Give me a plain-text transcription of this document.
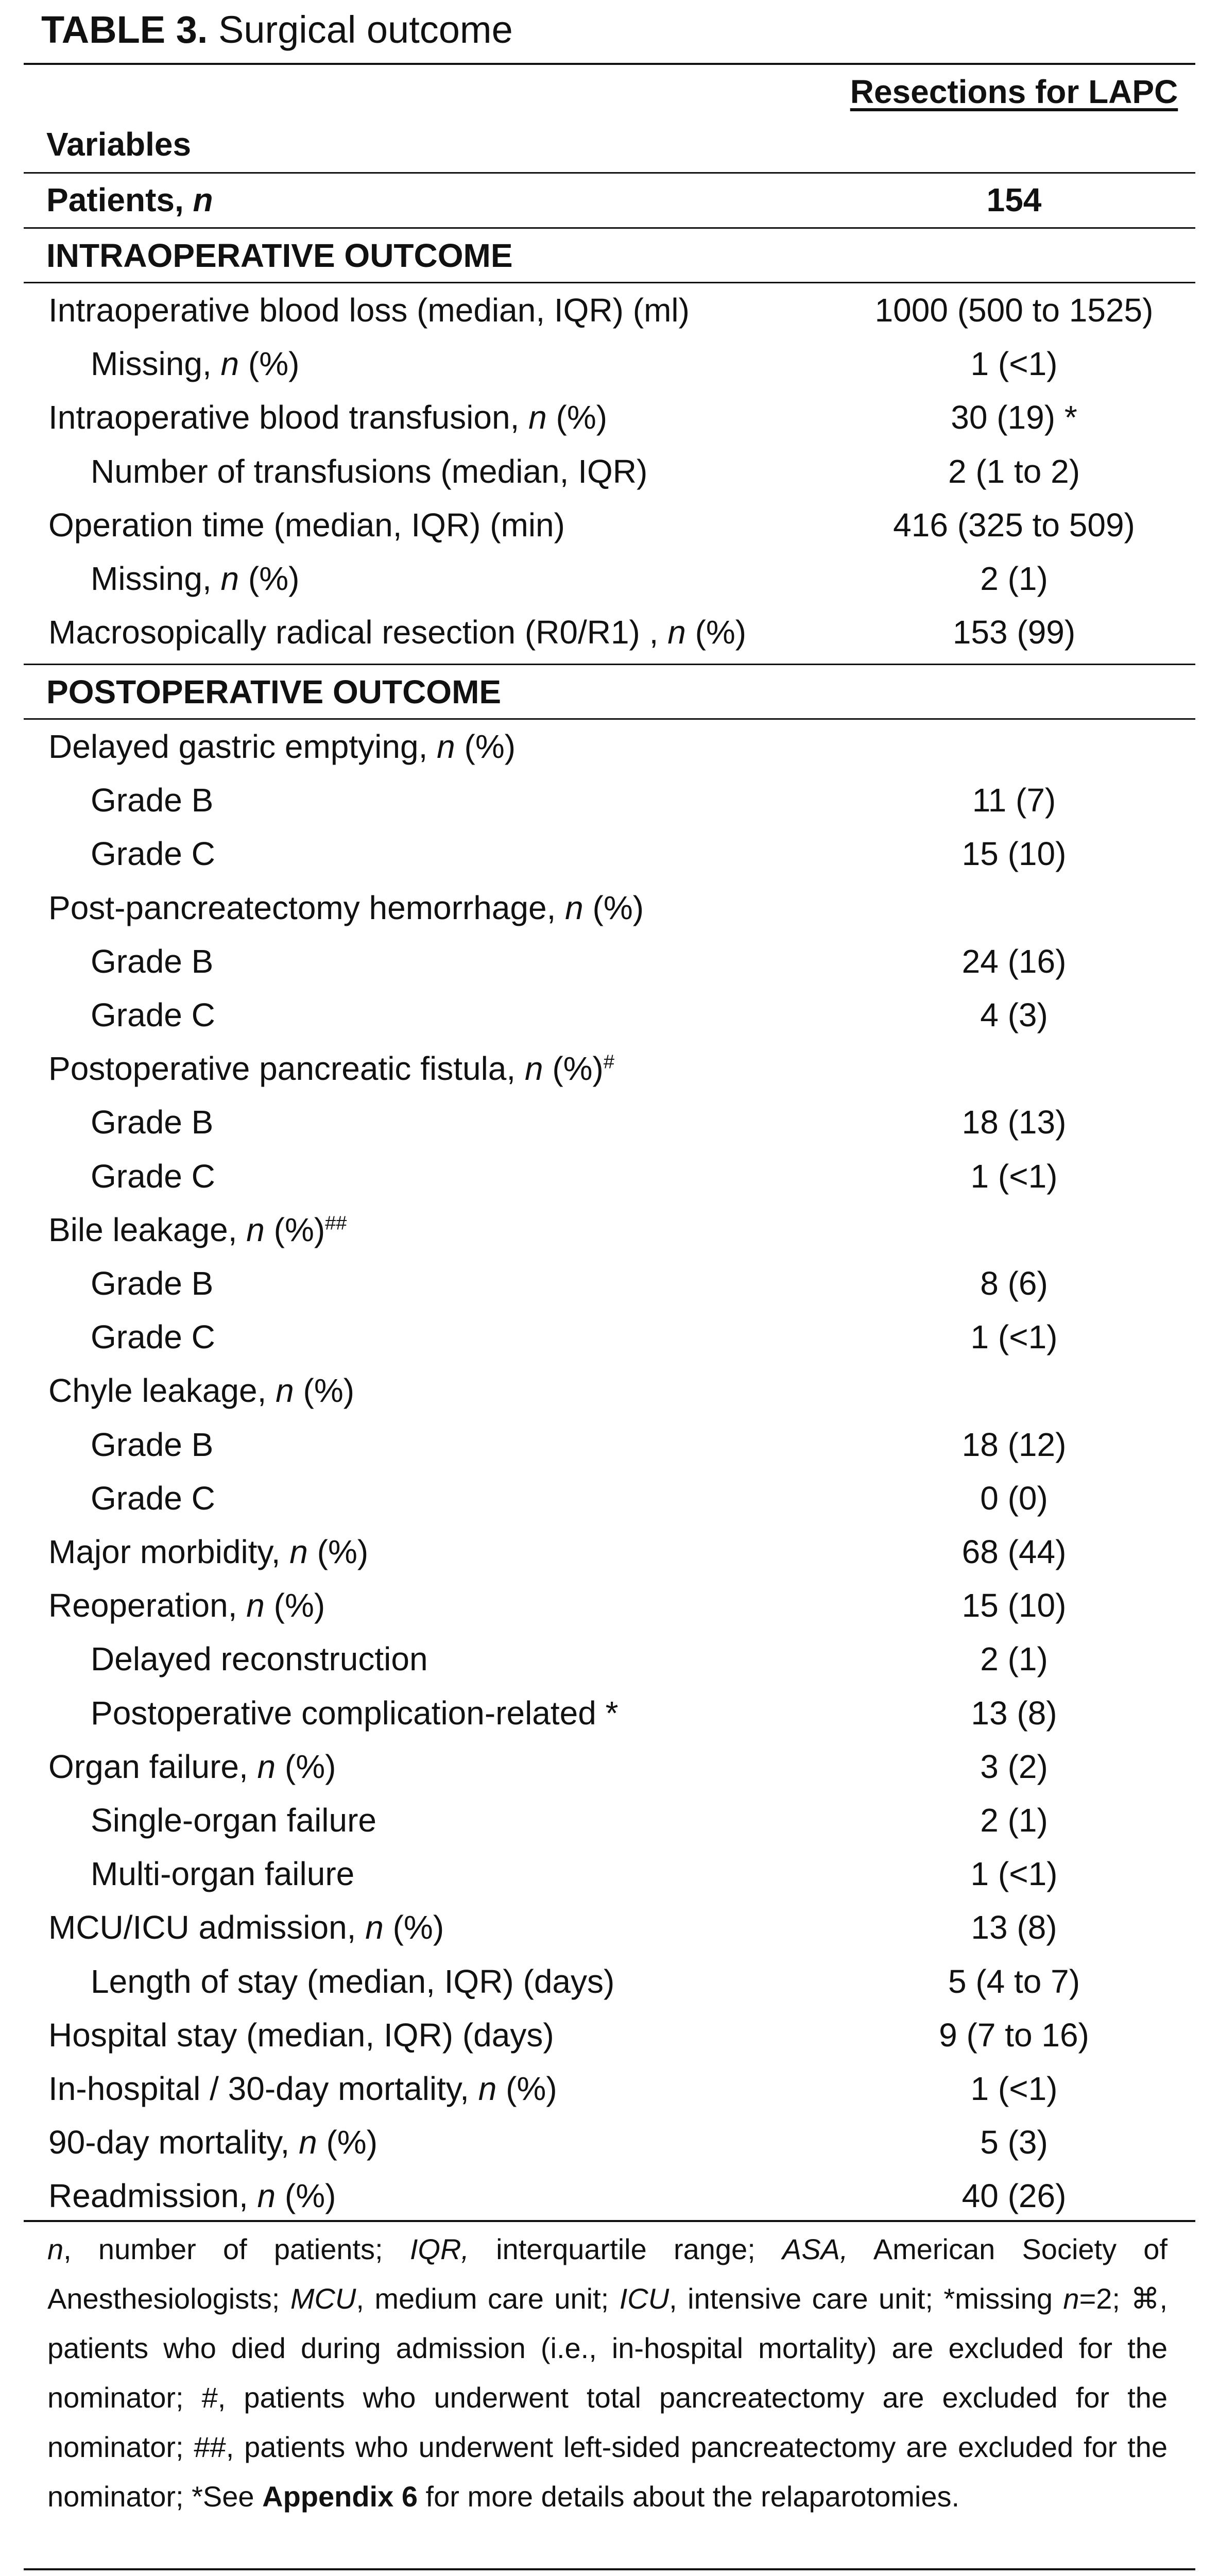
TABLE 3. Surgical outcome
Resections for LAPC
Variables
Patients, n	154
INTRAOPERATIVE OUTCOME
Intraoperative blood loss (median, IQR) (ml)	1000 (500 to 1525)
Missing, n (%)	1 (<1)
Intraoperative blood transfusion, n (%)	30 (19) *
Number of transfusions (median, IQR)	2 (1 to 2)
Operation time (median, IQR) (min)	416 (325 to 509)
Missing, n (%)	2 (1)
Macrosopically radical resection (R0/R1) , n (%)	153 (99)
POSTOPERATIVE OUTCOME
Delayed gastric emptying, n (%)
Grade B	11 (7)
Grade C	15 (10)
Post-pancreatectomy hemorrhage, n (%)
Grade B	24 (16)
Grade C	4 (3)
Postoperative pancreatic fistula, n (%)#
Grade B	18 (13)
Grade C	1 (<1)
Bile leakage, n (%)##
Grade B	8 (6)
Grade C	1 (<1)
Chyle leakage, n (%)
Grade B	18 (12)
Grade C	0 (0)
Major morbidity, n (%)	68 (44)
Reoperation, n (%)	15 (10)
Delayed reconstruction	2 (1)
Postoperative complication-related *	13 (8)
Organ failure, n (%)	3 (2)
Single-organ failure	2 (1)
Multi-organ failure	1 (<1)
MCU/ICU admission, n (%)	13 (8)
Length of stay (median, IQR) (days)	5 (4 to 7)
Hospital stay (median, IQR) (days)	9 (7 to 16)
In-hospital / 30-day mortality, n (%)	1 (<1)
90-day mortality, n (%)	5 (3)
Readmission, n (%)	40 (26)
n, number of patients; IQR, interquartile range; ASA, American Society of Anesthesiologists; MCU, medium care unit; ICU, intensive care unit; *missing n=2; ⌘, patients who died during admission (i.e., in-hospital mortality) are excluded for the nominator; #, patients who underwent total pancreatectomy are excluded for the nominator; ##, patients who underwent left-sided pancreatectomy are excluded for the nominator; *See Appendix 6 for more details about the relaparotomies.
